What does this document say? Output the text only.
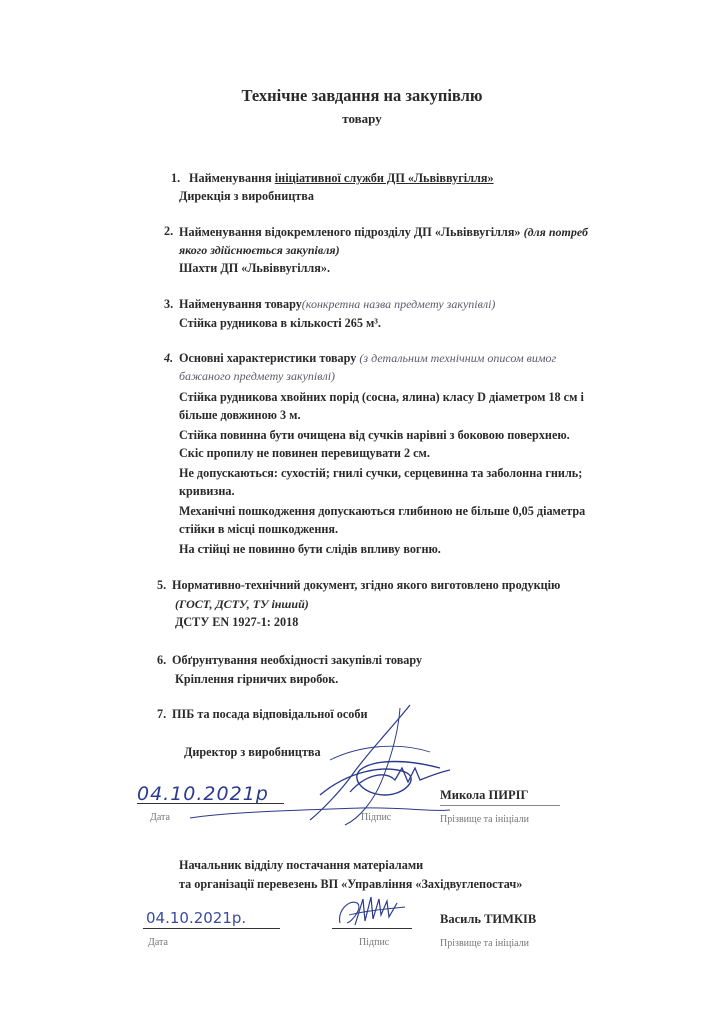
Технічне завдання на закупівлю
товару
1. Найменування ініціативної служби ДП «Львіввугілля»
Дирекція з виробництва
2. Найменування відокремленого підрозділу ДП «Львіввугілля» (для потреб
якого здійснюється закупівля)
Шахти ДП «Львіввугілля».
3. Найменування товару(конкретна назва предмету закупівлі)
Стійка рудникова в кількості 265 м³.
4. Основні характеристики товару (з детальним технічним описом вимог
бажаного предмету закупівлі)
Стійка рудникова хвойних порід (сосна, ялина) класу D діаметром 18 см і
більше довжиною 3 м.
Стійка повинна бути очищена від сучків нарівні з боковою поверхнею.
Скіс пропилу не повинен перевищувати 2 см.
Не допускаються: сухостій; гнилі сучки, серцевинна та заболонна гниль;
кривизна.
Механічні пошкодження допускаються глибиною не більше 0,05 діаметра
стійки в місці пошкодження.
На стійці не повинно бути слідів впливу вогню.
5. Нормативно-технічний документ, згідно якого виготовлено продукцію
(ГОСТ, ДСТУ, ТУ інший)
ДСТУ EN 1927-1: 2018
6. Обґрунтування необхідності закупівлі товару
Кріплення гірничих виробок.
7. ПІБ та посада відповідальної особи
Директор з виробництва
04.10.2021р
Дата	Підпис
Микола ПИРІГ
Прізвище та ініціали
Начальник відділу постачання матеріалами
та організації перевезень ВП «Управління «Західвуглепостач»
04.10.2021р.
Дата	Підпис
Василь ТИМКІВ
Прізвище та ініціали
